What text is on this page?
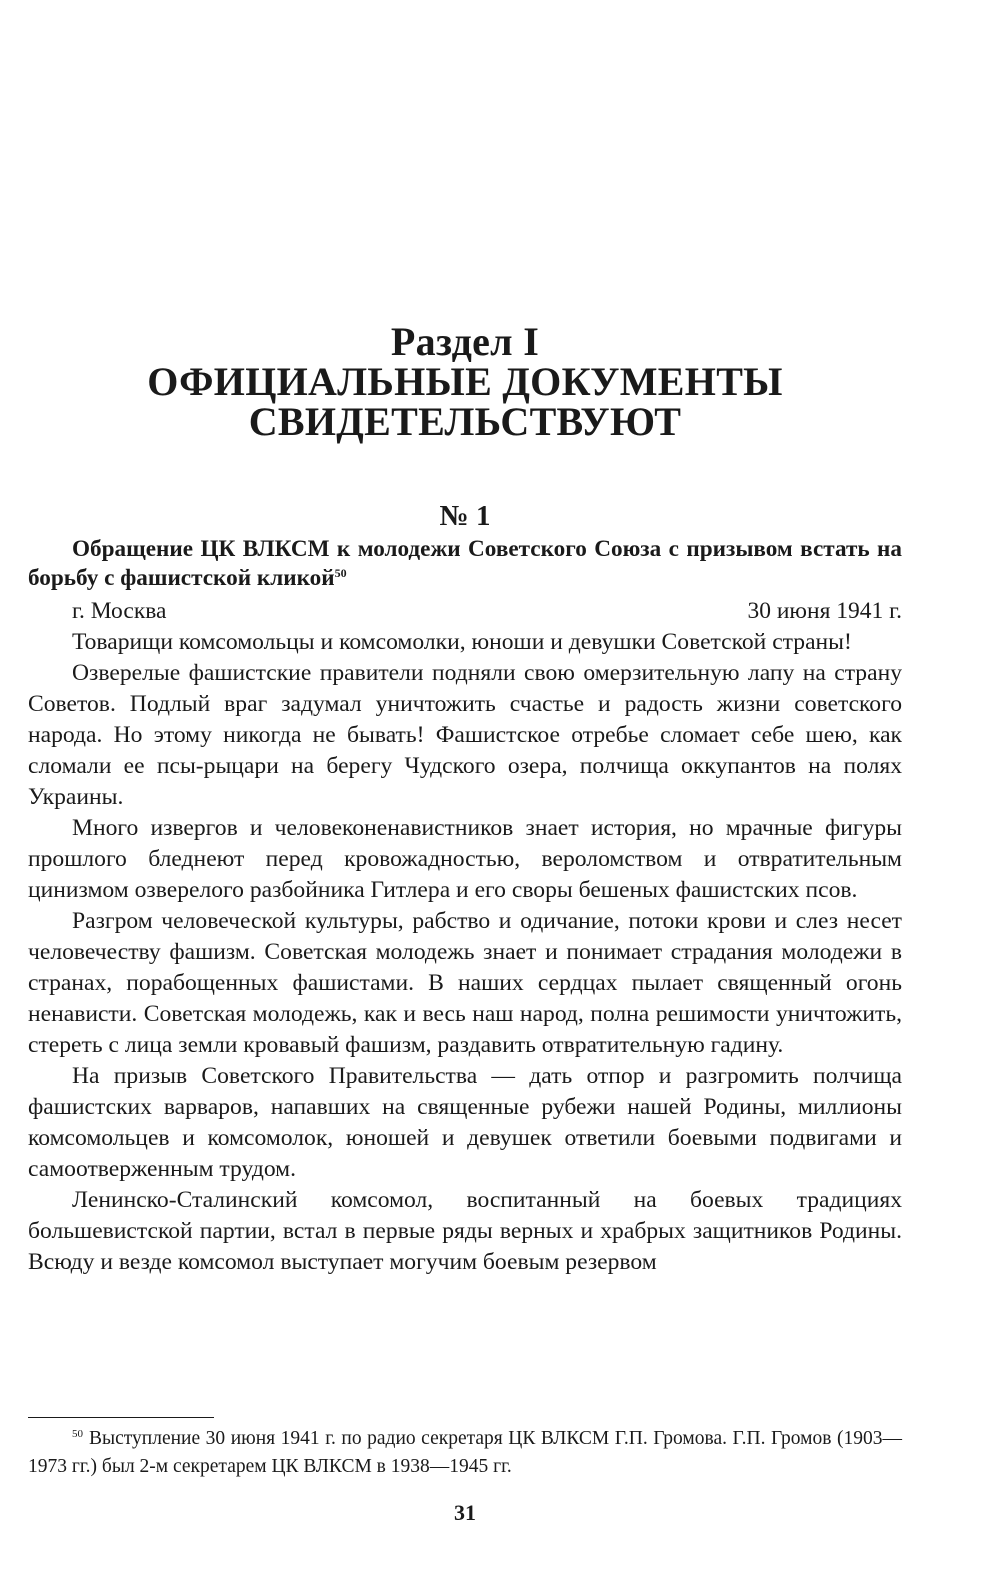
Раздел I
ОФИЦИАЛЬНЫЕ ДОКУМЕНТЫ
СВИДЕТЕЛЬСТВУЮТ
№ 1
Обращение ЦК ВЛКСМ к молодежи Советского Союза с призывом встать на борьбу с фашистской кликой$^{50}$
г. Москва	30 июня 1941 г.

Товарищи комсомольцы и комсомолки, юноши и девушки Советской страны!

Озверелые фашистские правители подняли свою омерзительную лапу на страну Советов. Подлый враг задумал уничтожить счастье и радость жизни советского народа. Но этому никогда не бывать! Фашистское отребье сломает себе шею, как сломали ее псы-рыцари на берегу Чудского озера, полчища оккупантов на полях Украины.

Много извергов и человеконенавистников знает история, но мрачные фигуры прошлого бледнеют перед кровожадностью, вероломством и отвратительным цинизмом озверелого разбойника Гитлера и его своры бешеных фашистских псов.

Разгром человеческой культуры, рабство и одичание, потоки крови и слез несет человечеству фашизм. Советская молодежь знает и понимает страдания молодежи в странах, порабощенных фашистами. В наших сердцах пылает священный огонь ненависти. Советская молодежь, как и весь наш народ, полна решимости уничтожить, стереть с лица земли кровавый фашизм, раздавить отвратительную гадину.

На призыв Советского Правительства — дать отпор и разгромить полчища фашистских варваров, напавших на священные рубежи нашей Родины, миллионы комсомольцев и комсомолок, юношей и девушек ответили боевыми подвигами и самоотверженным трудом.

Ленинско-Сталинский комсомол, воспитанный на боевых традициях большевистской партии, встал в первые ряды верных и храбрых защитников Родины. Всюду и везде комсомол выступает могучим боевым резервом

$^{50}$ Выступление 30 июня 1941 г. по радио секретаря ЦК ВЛКСМ Г.П. Громова. Г.П. Громов (1903—1973 гг.) был 2-м секретарем ЦК ВЛКСМ в 1938—1945 гг.
31
